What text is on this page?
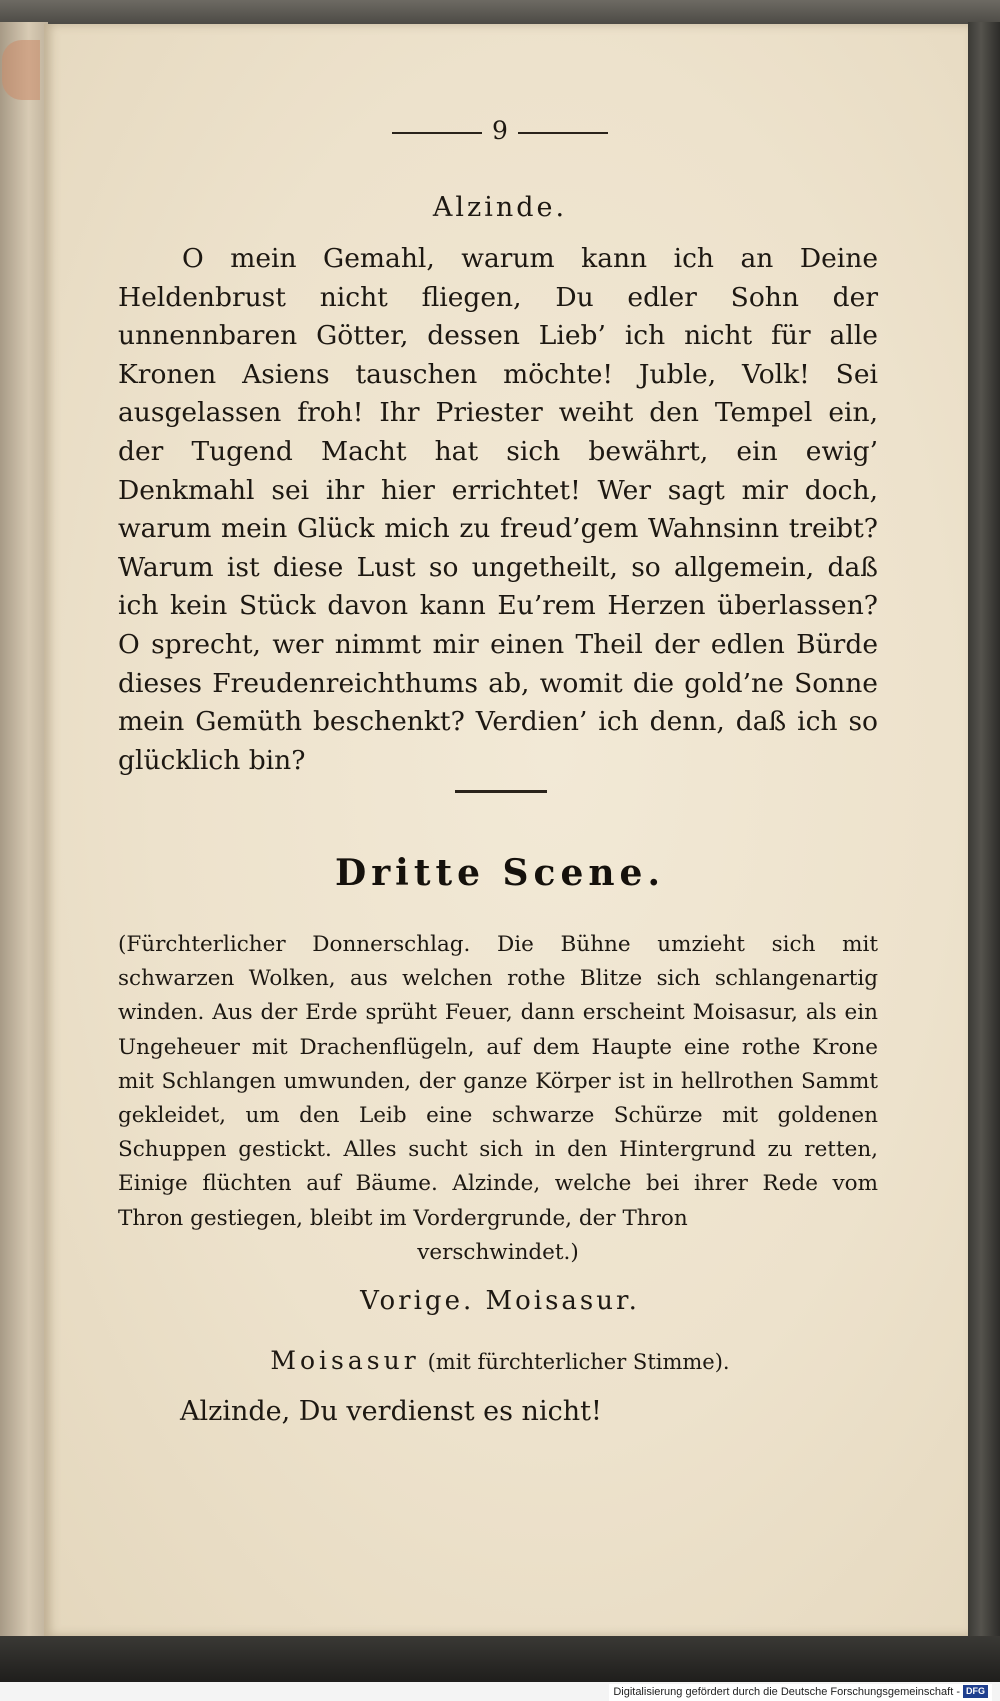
9
Alzinde.
O mein Gemahl, warum kann ich an Deine Heldenbrust nicht fliegen, Du edler Sohn der unnennbaren Götter, dessen Lieb’ ich nicht für alle Kronen Asiens tauschen möchte! Juble, Volk! Sei ausgelassen froh! Ihr Priester weiht den Tempel ein, der Tugend Macht hat sich bewährt, ein ewig’ Denkmahl sei ihr hier errichtet! Wer sagt mir doch, warum mein Glück mich zu freud’gem Wahnsinn treibt? Warum ist diese Lust so ungetheilt, so allgemein, daß ich kein Stück davon kann Eu’rem Herzen überlassen? O sprecht, wer nimmt mir einen Theil der edlen Bürde dieses Freudenreichthums ab, womit die gold’ne Sonne mein Gemüth beschenkt? Verdien’ ich denn, daß ich so glücklich bin?
Dritte Scene.
(Fürchterlicher Donnerschlag. Die Bühne umzieht sich mit schwarzen Wolken, aus welchen rothe Blitze sich schlangenartig winden. Aus der Erde sprüht Feuer, dann erscheint Moisasur, als ein Ungeheuer mit Drachenflügeln, auf dem Haupte eine rothe Krone mit Schlangen umwunden, der ganze Körper ist in hellrothen Sammt gekleidet, um den Leib eine schwarze Schürze mit goldenen Schuppen gestickt. Alles sucht sich in den Hintergrund zu retten, Einige flüchten auf Bäume. Alzinde, welche bei ihrer Rede vom Thron gestiegen, bleibt im Vordergrunde, der Thron
verschwindet.)
Vorige. Moisasur.
Moisasur (mit fürchterlicher Stimme).
Alzinde, Du verdienst es nicht!
Digitalisierung gefördert durch die Deutsche Forschungsgemeinschaft - DFG
